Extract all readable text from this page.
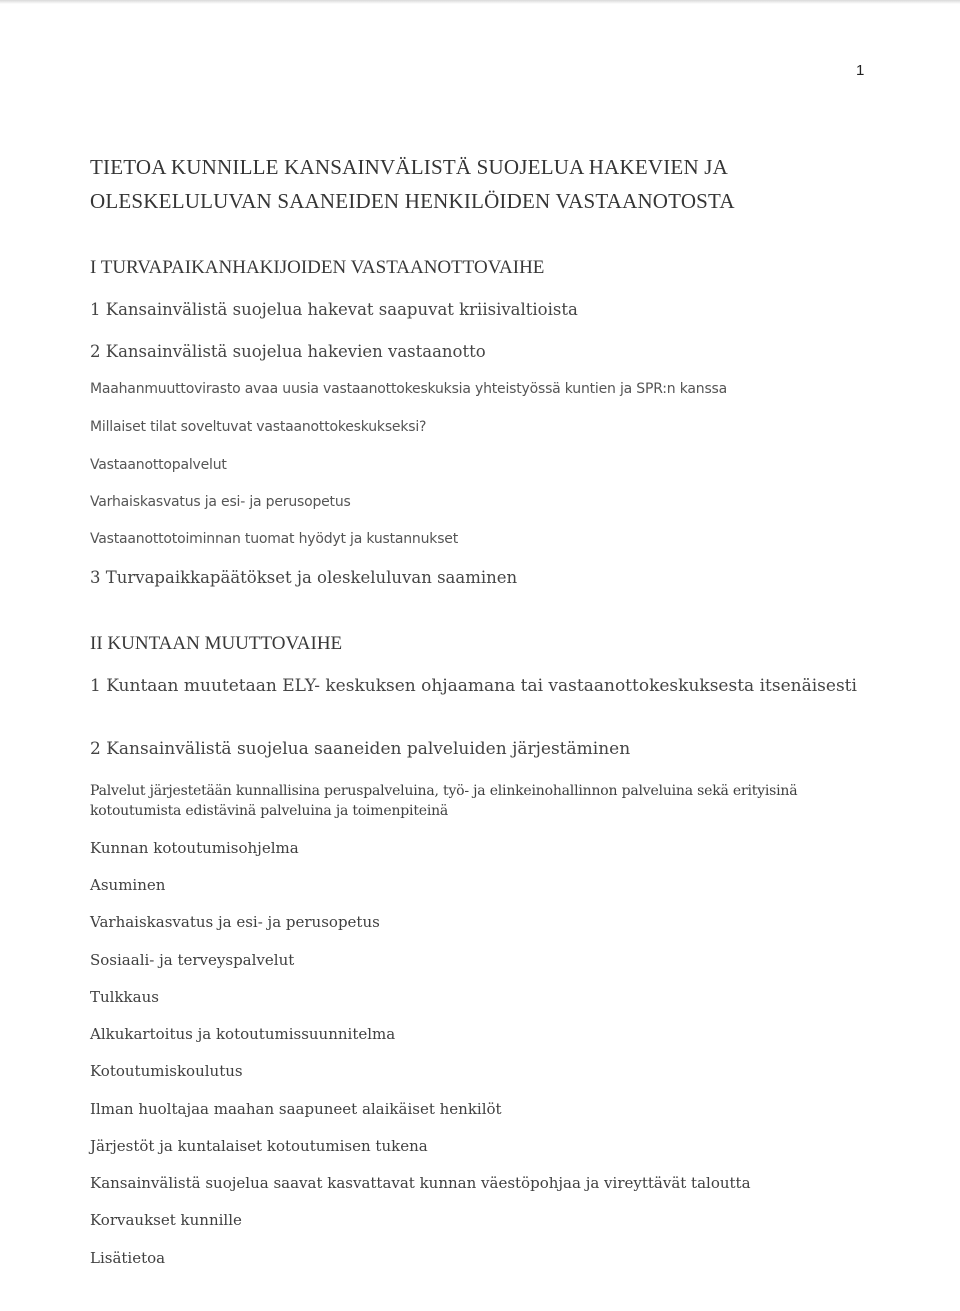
1
TIETOA KUNNILLE KANSAINVÄLISTÄ SUOJELUA HAKEVIEN JA OLESKELULUVAN SAANEIDEN HENKILÖIDEN VASTAANOTOSTA
I TURVAPAIKANHAKIJOIDEN VASTAANOTTOVAIHE
1 Kansainvälistä suojelua hakevat saapuvat kriisivaltioista
2 Kansainvälistä suojelua hakevien vastaanotto
Maahanmuuttovirasto avaa uusia vastaanottokeskuksia yhteistyössä kuntien ja SPR:n kanssa
Millaiset tilat soveltuvat vastaanottokeskukseksi?
Vastaanottopalvelut
Varhaiskasvatus ja esi- ja perusopetus
Vastaanottotoiminnan tuomat hyödyt ja kustannukset
3 Turvapaikkapäätökset ja oleskeluluvan saaminen
II KUNTAAN MUUTTOVAIHE
1 Kuntaan muutetaan ELY- keskuksen ohjaamana tai vastaanottokeskuksesta itsenäisesti
2 Kansainvälistä suojelua saaneiden palveluiden järjestäminen
Palvelut järjestetään kunnallisina peruspalveluina, työ- ja elinkeinohallinnon palveluina sekä erityisinä kotoutumista edistävinä palveluina ja toimenpiteinä
Kunnan kotoutumisohjelma
Asuminen
Varhaiskasvatus ja esi- ja perusopetus
Sosiaali- ja terveyspalvelut
Tulkkaus
Alkukartoitus ja kotoutumissuunnitelma
Kotoutumiskoulutus
Ilman huoltajaa maahan saapuneet alaikäiset henkilöt
Järjestöt ja kuntalaiset kotoutumisen tukena
Kansainvälistä suojelua saavat kasvattavat kunnan väestöpohjaa ja vireyttävät taloutta
Korvaukset kunnille
Lisätietoa
